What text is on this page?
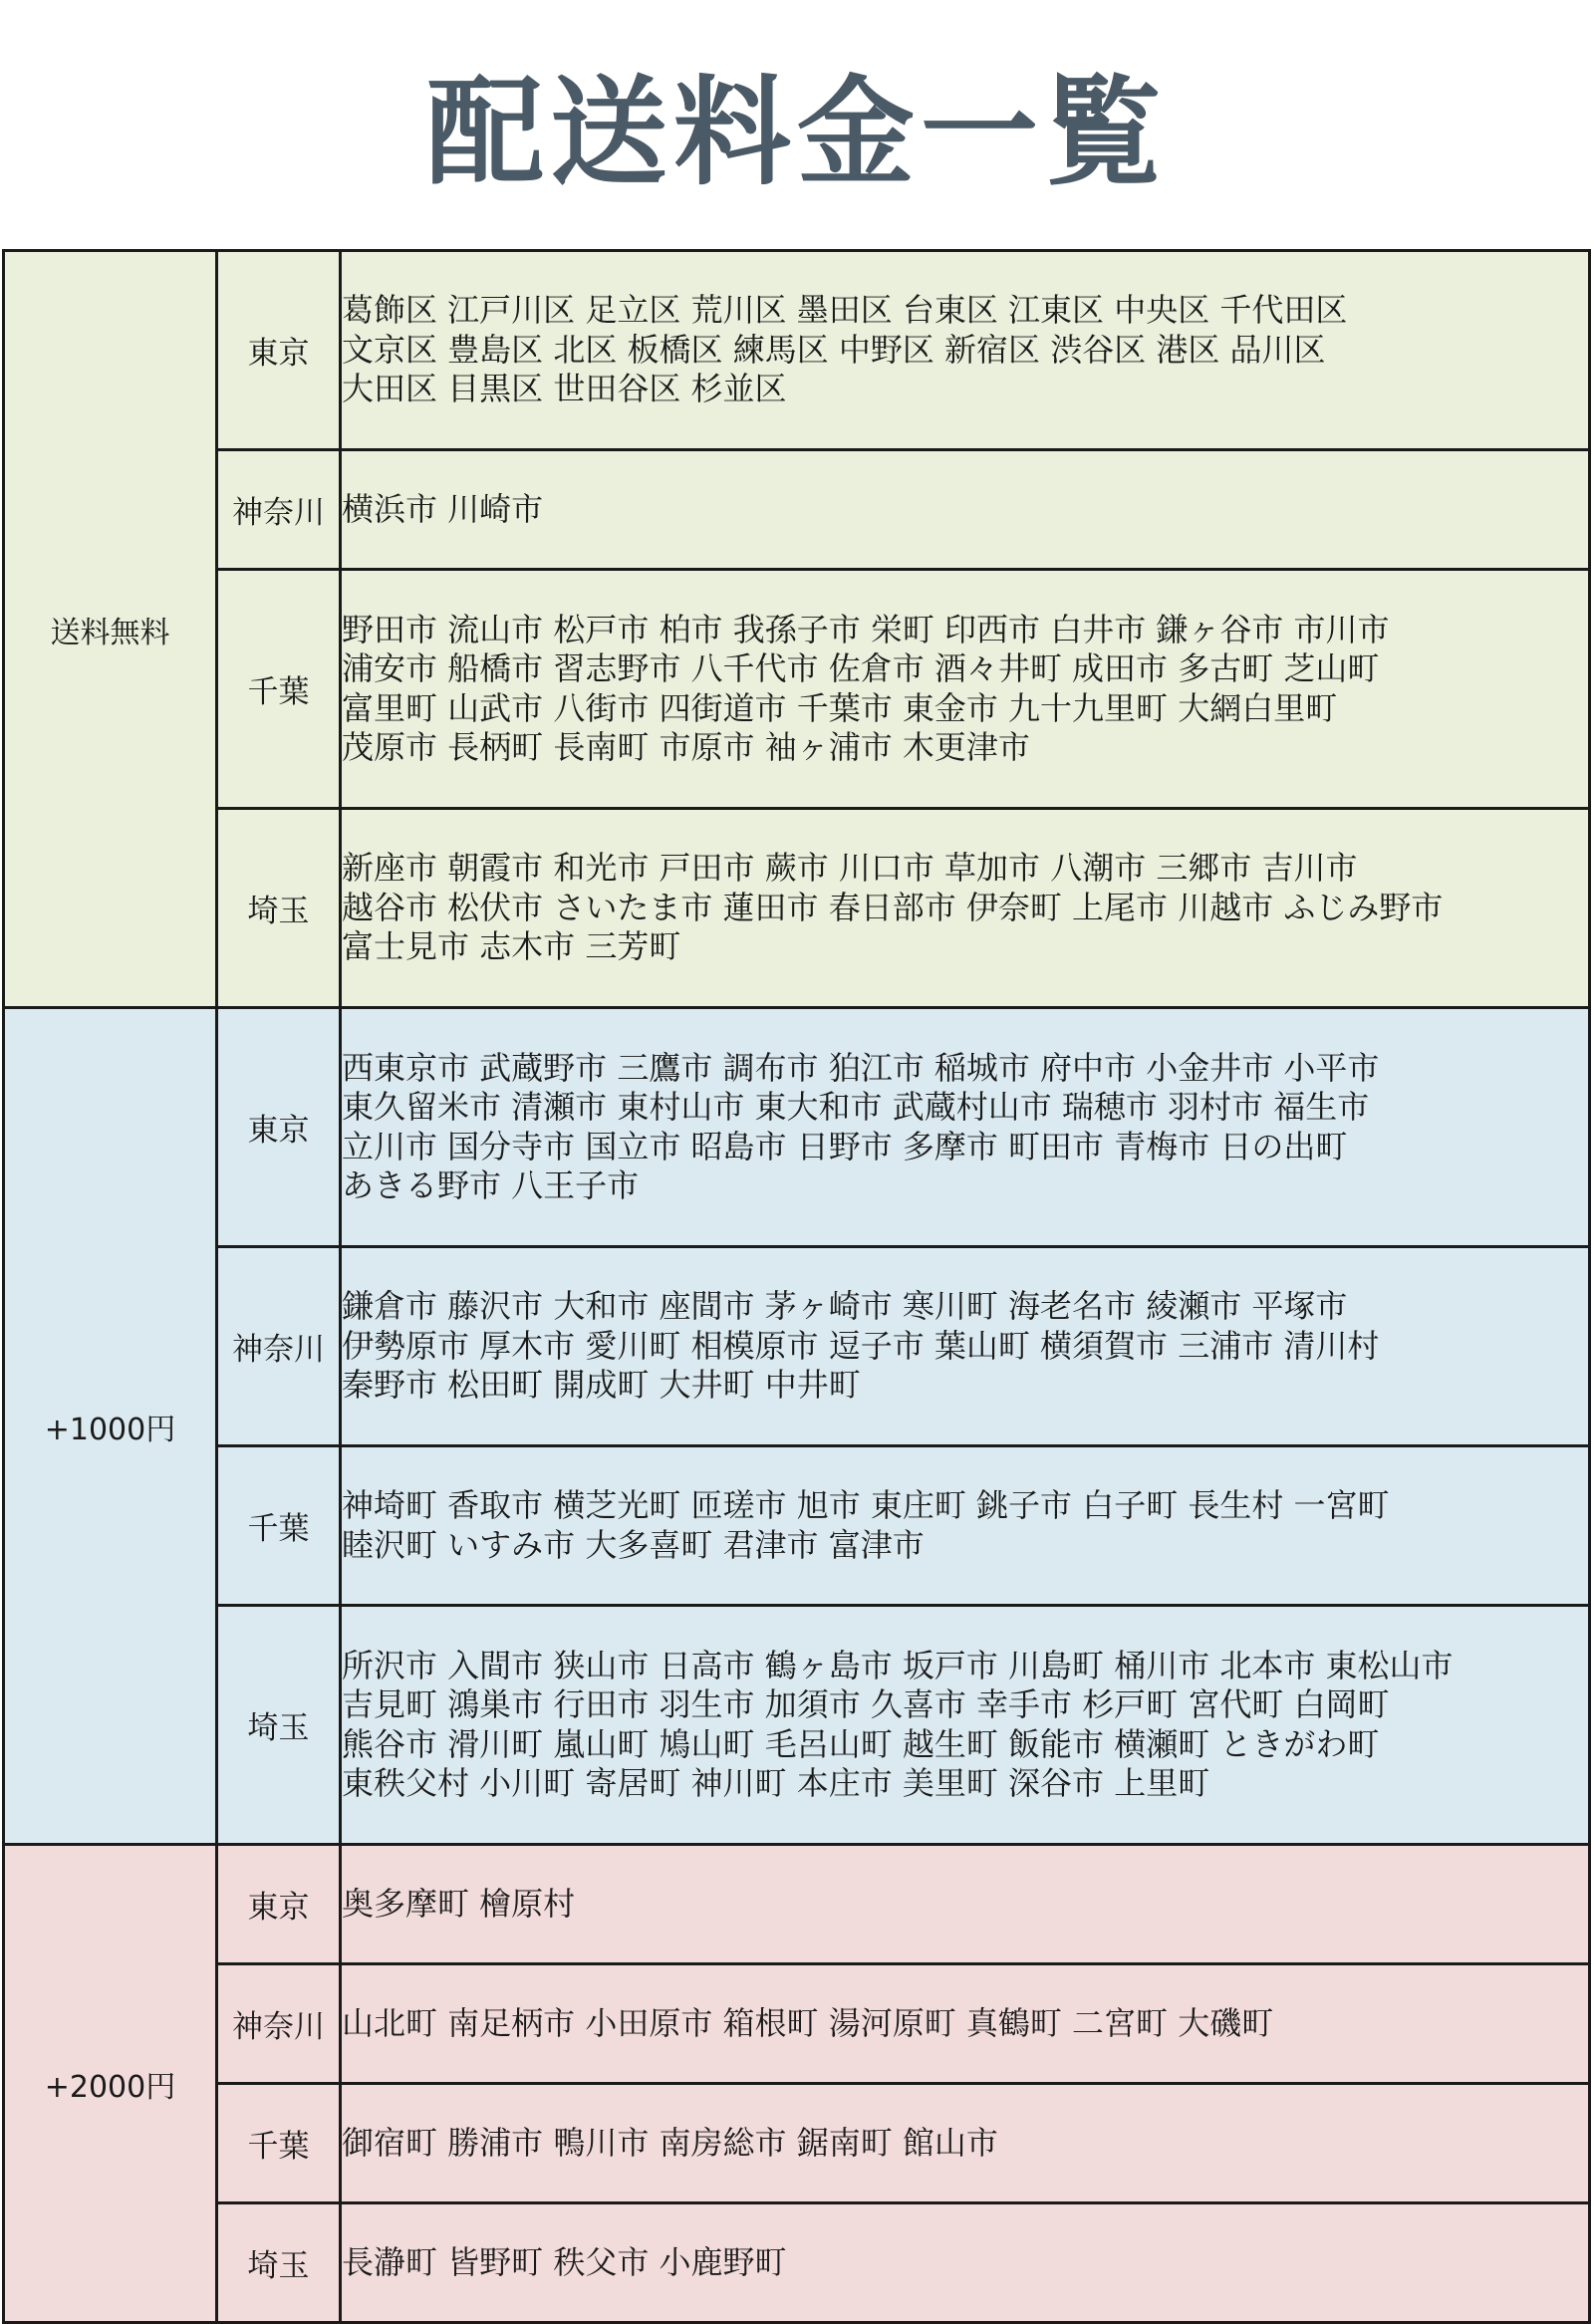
配送料金一覧
送料無料	東京	葛飾区 江戸川区 足立区 荒川区 墨田区 台東区 江東区 中央区 千代田区
文京区 豊島区 北区 板橋区 練馬区 中野区 新宿区 渋谷区 港区 品川区
大田区 目黒区 世田谷区 杉並区

	神奈川	横浜市 川崎市

	千葉	野田市 流山市 松戸市 柏市 我孫子市 栄町 印西市 白井市 鎌ヶ谷市 市川市
浦安市 船橋市 習志野市 八千代市 佐倉市 酒々井町 成田市 多古町 芝山町
富里町 山武市 八街市 四街道市 千葉市 東金市 九十九里町 大網白里町
茂原市 長柄町 長南町 市原市 袖ヶ浦市 木更津市

	埼玉	新座市 朝霞市 和光市 戸田市 蕨市 川口市 草加市 八潮市 三郷市 吉川市
越谷市 松伏市 さいたま市 蓮田市 春日部市 伊奈町 上尾市 川越市 ふじみ野市
富士見市 志木市 三芳町

+1000円	東京	西東京市 武蔵野市 三鷹市 調布市 狛江市 稲城市 府中市 小金井市 小平市
東久留米市 清瀬市 東村山市 東大和市 武蔵村山市 瑞穂市 羽村市 福生市
立川市 国分寺市 国立市 昭島市 日野市 多摩市 町田市 青梅市 日の出町
あきる野市 八王子市

	神奈川	鎌倉市 藤沢市 大和市 座間市 茅ヶ崎市 寒川町 海老名市 綾瀬市 平塚市
伊勢原市 厚木市 愛川町 相模原市 逗子市 葉山町 横須賀市 三浦市 清川村
秦野市 松田町 開成町 大井町 中井町

	千葉	神埼町 香取市 横芝光町 匝瑳市 旭市 東庄町 銚子市 白子町 長生村 一宮町
睦沢町 いすみ市 大多喜町 君津市 富津市

	埼玉	所沢市 入間市 狭山市 日高市 鶴ヶ島市 坂戸市 川島町 桶川市 北本市 東松山市
吉見町 鴻巣市 行田市 羽生市 加須市 久喜市 幸手市 杉戸町 宮代町 白岡町
熊谷市 滑川町 嵐山町 鳩山町 毛呂山町 越生町 飯能市 横瀬町 ときがわ町
東秩父村 小川町 寄居町 神川町 本庄市 美里町 深谷市 上里町

+2000円	東京	奥多摩町 檜原村

	神奈川	山北町 南足柄市 小田原市 箱根町 湯河原町 真鶴町 二宮町 大磯町

	千葉	御宿町 勝浦市 鴨川市 南房総市 鋸南町 館山市

	埼玉	長瀞町 皆野町 秩父市 小鹿野町
